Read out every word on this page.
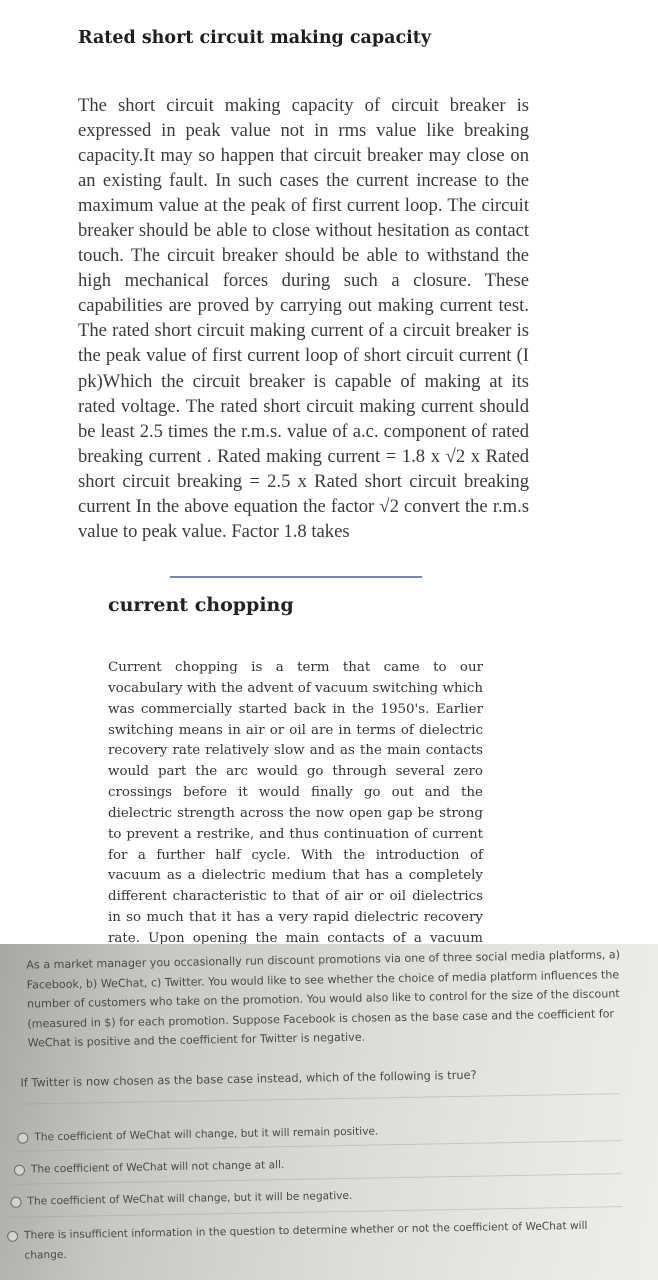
Rated short circuit making capacity

The short circuit making capacity of circuit breaker is expressed in peak value not in rms value like breaking capacity.It may so happen that circuit breaker may close on an existing fault. In such cases the current increase to the maximum value at the peak of first current loop. The circuit breaker should be able to close without hesitation as contact touch. The circuit breaker should be able to withstand the high mechanical forces during such a closure. These capabilities are proved by carrying out making current test. The rated short circuit making current of a circuit breaker is the peak value of first current loop of short circuit current (I pk)Which the circuit breaker is capable of making at its rated voltage. The rated short circuit making current should be least 2.5 times the r.m.s. value of a.c. component of rated breaking current . Rated making current = 1.8 x √2 x Rated short circuit breaking = 2.5 x Rated short circuit breaking current In the above equation the factor √2 convert the r.m.s value to peak value. Factor 1.8 takes

current chopping

Current chopping is a term that came to our vocabulary with the advent of vacuum switching which was commercially started back in the 1950's. Earlier switching means in air or oil are in terms of dielectric recovery rate relatively slow and as the main contacts would part the arc would go through several zero crossings before it would finally go out and the dielectric strength across the now open gap be strong to prevent a restrike, and thus continuation of current for a further half cycle. With the introduction of vacuum as a dielectric medium that has a completely different characteristic to that of air or oil dielectrics in so much that it has a very rapid dielectric recovery rate. Upon opening the main contacts of a vacuum

As a market manager you occasionally run discount promotions via one of three social media platforms, a) Facebook, b) WeChat, c) Twitter. You would like to see whether the choice of media platform influences the number of customers who take on the promotion. You would also like to control for the size of the discount (measured in $) for each promotion. Suppose Facebook is chosen as the base case and the coefficient for WeChat is positive and the coefficient for Twitter is negative.

If Twitter is now chosen as the base case instead, which of the following is true?

The coefficient of WeChat will change, but it will remain positive.
The coefficient of WeChat will not change at all.
The coefficient of WeChat will change, but it will be negative.
There is insufficient information in the question to determine whether or not the coefficient of WeChat will change.
